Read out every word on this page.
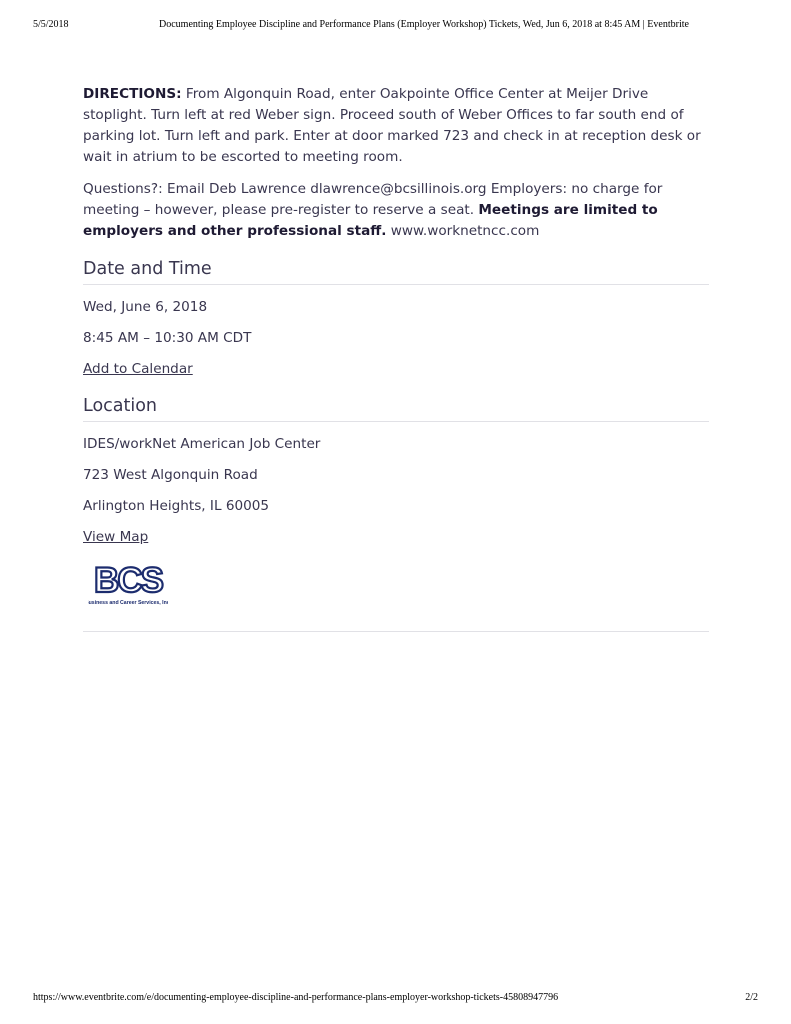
5/5/2018	Documenting Employee Discipline and Performance Plans (Employer Workshop) Tickets, Wed, Jun 6, 2018 at 8:45 AM | Eventbrite

DIRECTIONS: From Algonquin Road, enter Oakpointe Office Center at Meijer Drive stoplight. Turn left at red Weber sign. Proceed south of Weber Offices to far south end of parking lot. Turn left and park. Enter at door marked 723 and check in at reception desk or wait in atrium to be escorted to meeting room.

Questions?: Email Deb Lawrence dlawrence@bcsillinois.org Employers: no charge for meeting – however, please pre-register to reserve a seat. Meetings are limited to employers and other professional staff. www.worknetncc.com

Date and Time
Wed, June 6, 2018
8:45 AM – 10:30 AM CDT
Add to Calendar
Location
IDES/workNet American Job Center
723 West Algonquin Road
Arlington Heights, IL 60005
View Map
BCS
Business and Career Services, Inc.
https://www.eventbrite.com/e/documenting-employee-discipline-and-performance-plans-employer-workshop-tickets-45808947796	2/2
